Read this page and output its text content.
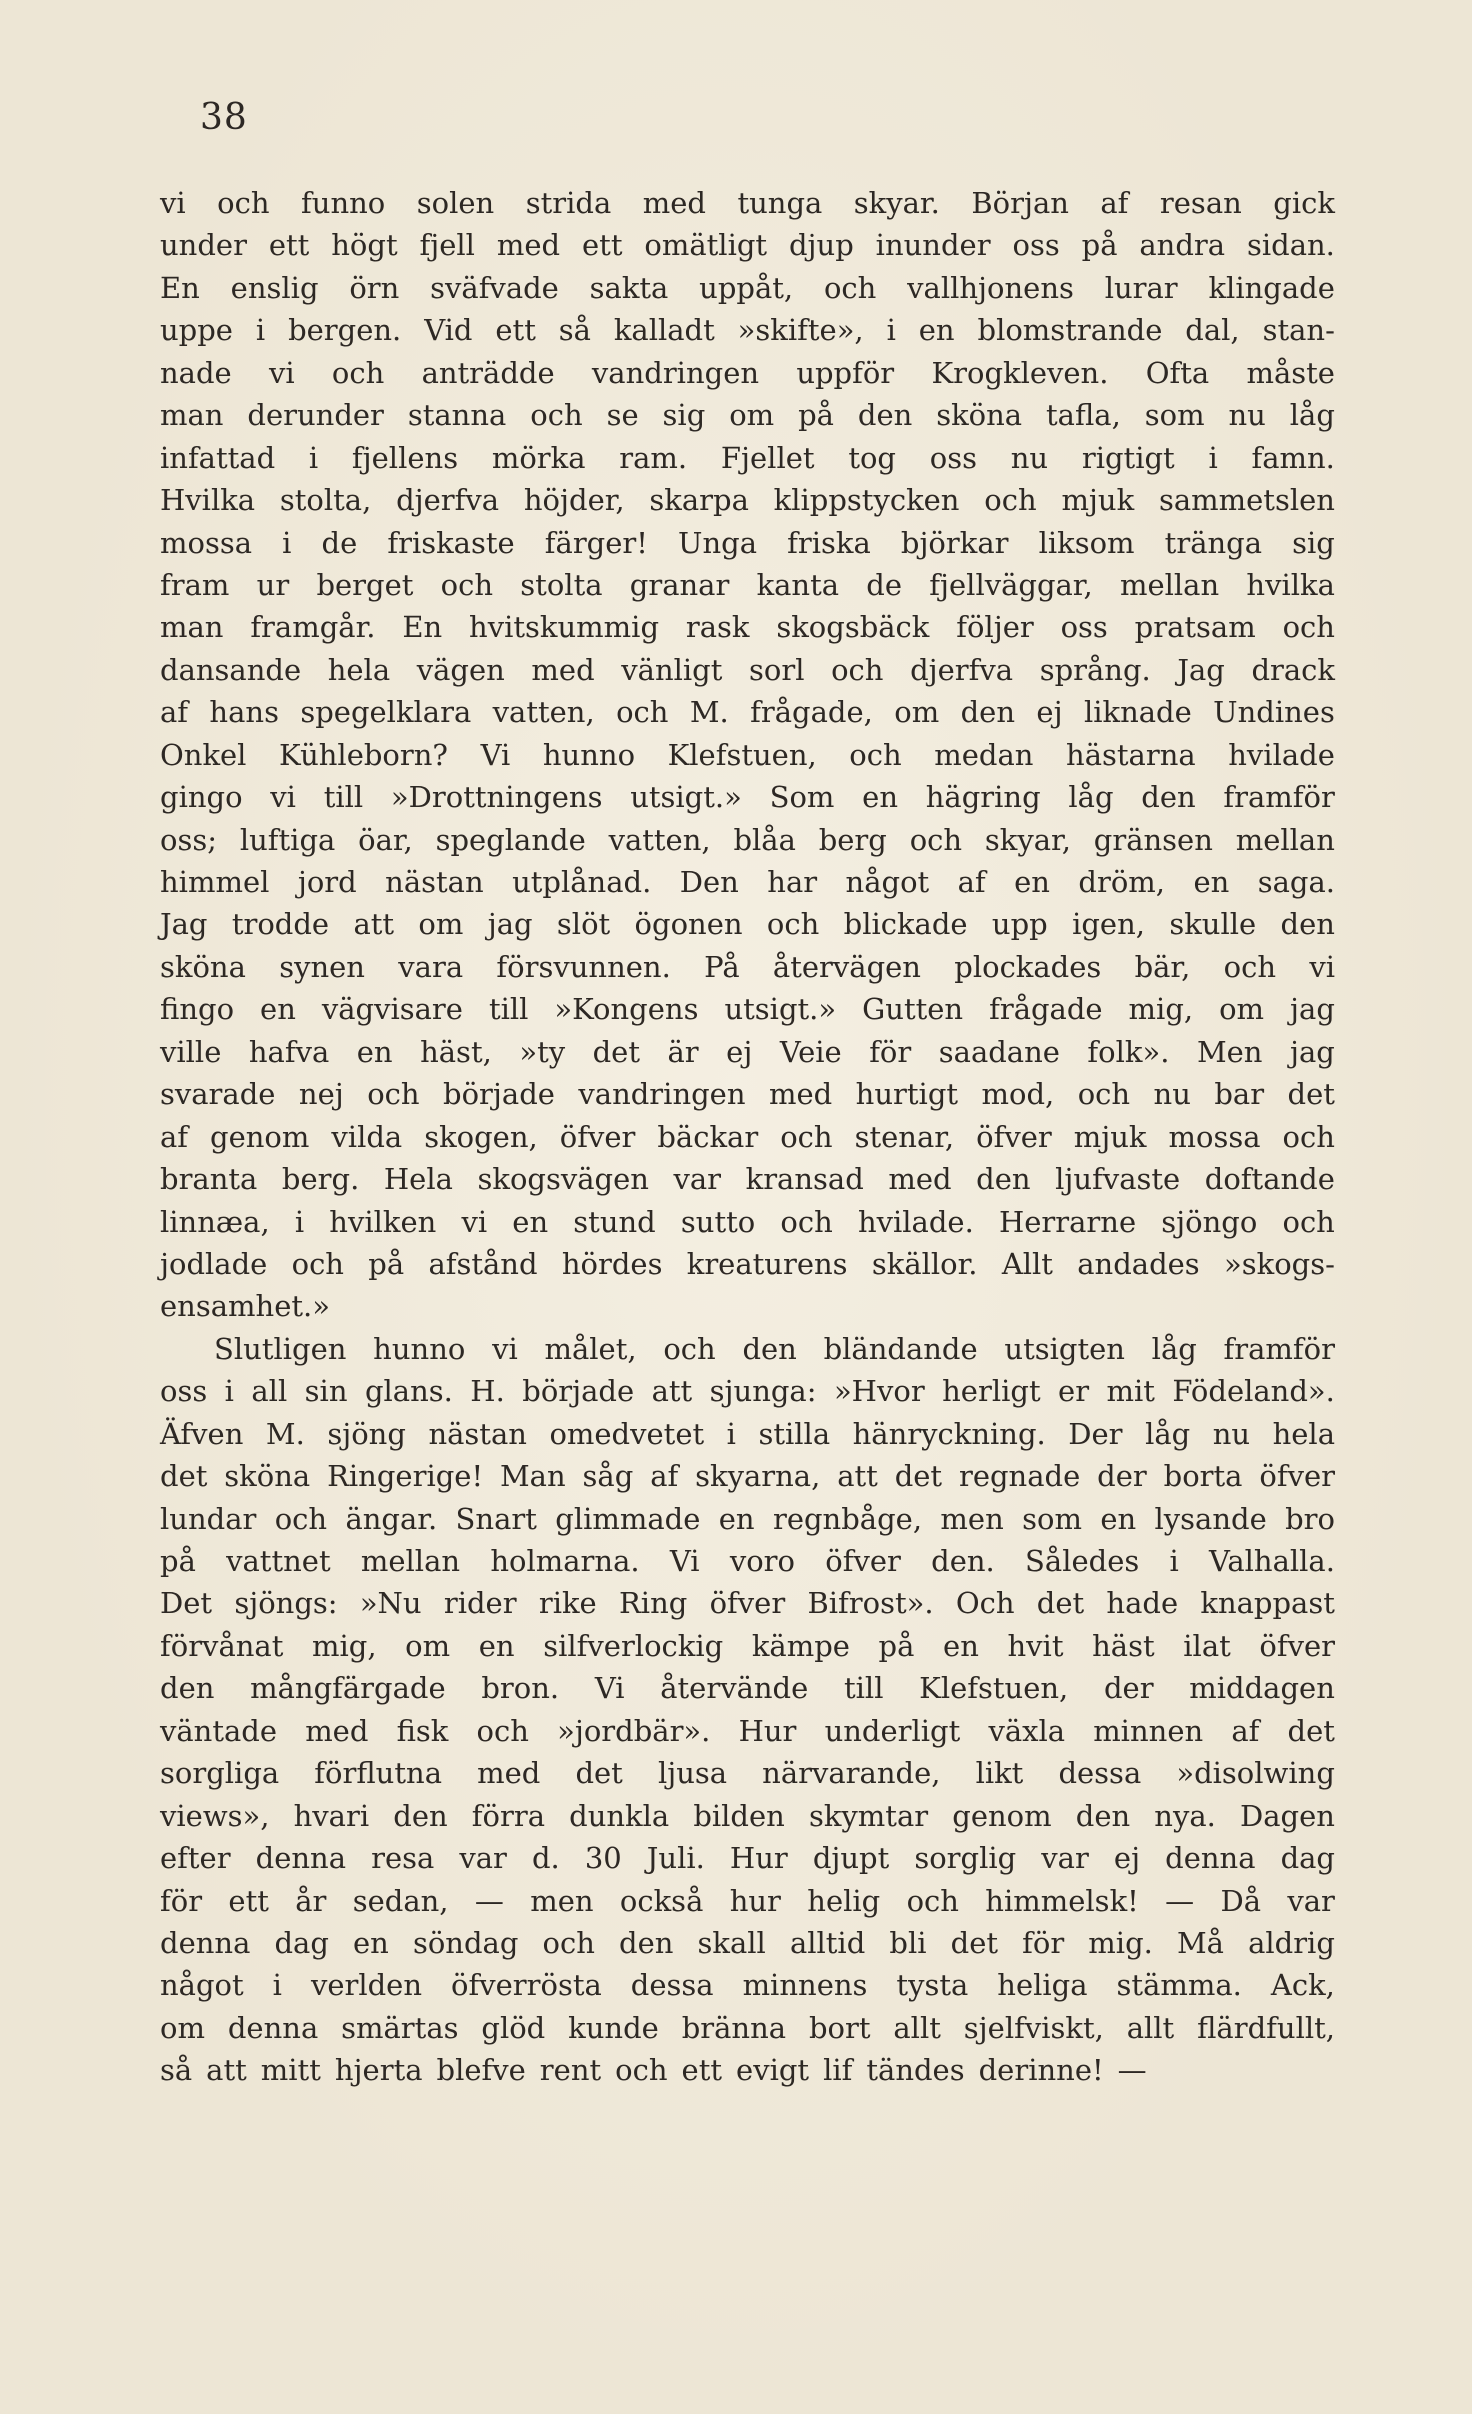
38
vi och funno solen strida med tunga skyar. Början af resan gick
under ett högt fjell med ett omätligt djup inunder oss på andra sidan.
En enslig örn sväfvade sakta uppåt, och vallhjonens lurar klingade
uppe i bergen. Vid ett så kalladt »skifte», i en blomstrande dal, stan-
nade vi och anträdde vandringen uppför Krogkleven. Ofta måste
man derunder stanna och se sig om på den sköna tafla, som nu låg
infattad i fjellens mörka ram. Fjellet tog oss nu rigtigt i famn.
Hvilka stolta, djerfva höjder, skarpa klippstycken och mjuk sammetslen
mossa i de friskaste färger! Unga friska björkar liksom tränga sig
fram ur berget och stolta granar kanta de fjellväggar, mellan hvilka
man framgår. En hvitskummig rask skogsbäck följer oss pratsam och
dansande hela vägen med vänligt sorl och djerfva språng. Jag drack
af hans spegelklara vatten, och M. frågade, om den ej liknade Undines
Onkel Kühleborn? Vi hunno Klefstuen, och medan hästarna hvilade
gingo vi till »Drottningens utsigt.» Som en hägring låg den framför
oss; luftiga öar, speglande vatten, blåa berg och skyar, gränsen mellan
himmel jord nästan utplånad. Den har något af en dröm, en saga.
Jag trodde att om jag slöt ögonen och blickade upp igen, skulle den
sköna synen vara försvunnen. På återvägen plockades bär, och vi
fingo en vägvisare till »Kongens utsigt.» Gutten frågade mig, om jag
ville hafva en häst, »ty det är ej Veie för saadane folk». Men jag
svarade nej och började vandringen med hurtigt mod, och nu bar det
af genom vilda skogen, öfver bäckar och stenar, öfver mjuk mossa och
branta berg. Hela skogsvägen var kransad med den ljufvaste doftande
linnæa, i hvilken vi en stund sutto och hvilade. Herrarne sjöngo och
jodlade och på afstånd hördes kreaturens skällor. Allt andades »skogs-
ensamhet.»
Slutligen hunno vi målet, och den bländande utsigten låg framför
oss i all sin glans. H. började att sjunga: »Hvor herligt er mit Födeland».
Äfven M. sjöng nästan omedvetet i stilla hänryckning. Der låg nu hela
det sköna Ringerige! Man såg af skyarna, att det regnade der borta öfver
lundar och ängar. Snart glimmade en regnbåge, men som en lysande bro
på vattnet mellan holmarna. Vi voro öfver den. Således i Valhalla.
Det sjöngs: »Nu rider rike Ring öfver Bifrost». Och det hade knappast
förvånat mig, om en silfverlockig kämpe på en hvit häst ilat öfver
den mångfärgade bron. Vi återvände till Klefstuen, der middagen
väntade med fisk och »jordbär». Hur underligt växla minnen af det
sorgliga förflutna med det ljusa närvarande, likt dessa »disolwing
views», hvari den förra dunkla bilden skymtar genom den nya. Dagen
efter denna resa var d. 30 Juli. Hur djupt sorglig var ej denna dag
för ett år sedan, — men också hur helig och himmelsk! — Då var
denna dag en söndag och den skall alltid bli det för mig. Må aldrig
något i verlden öfverrösta dessa minnens tysta heliga stämma. Ack,
om denna smärtas glöd kunde bränna bort allt sjelfviskt, allt flärdfullt,
så att mitt hjerta blefve rent och ett evigt lif tändes derinne! —
